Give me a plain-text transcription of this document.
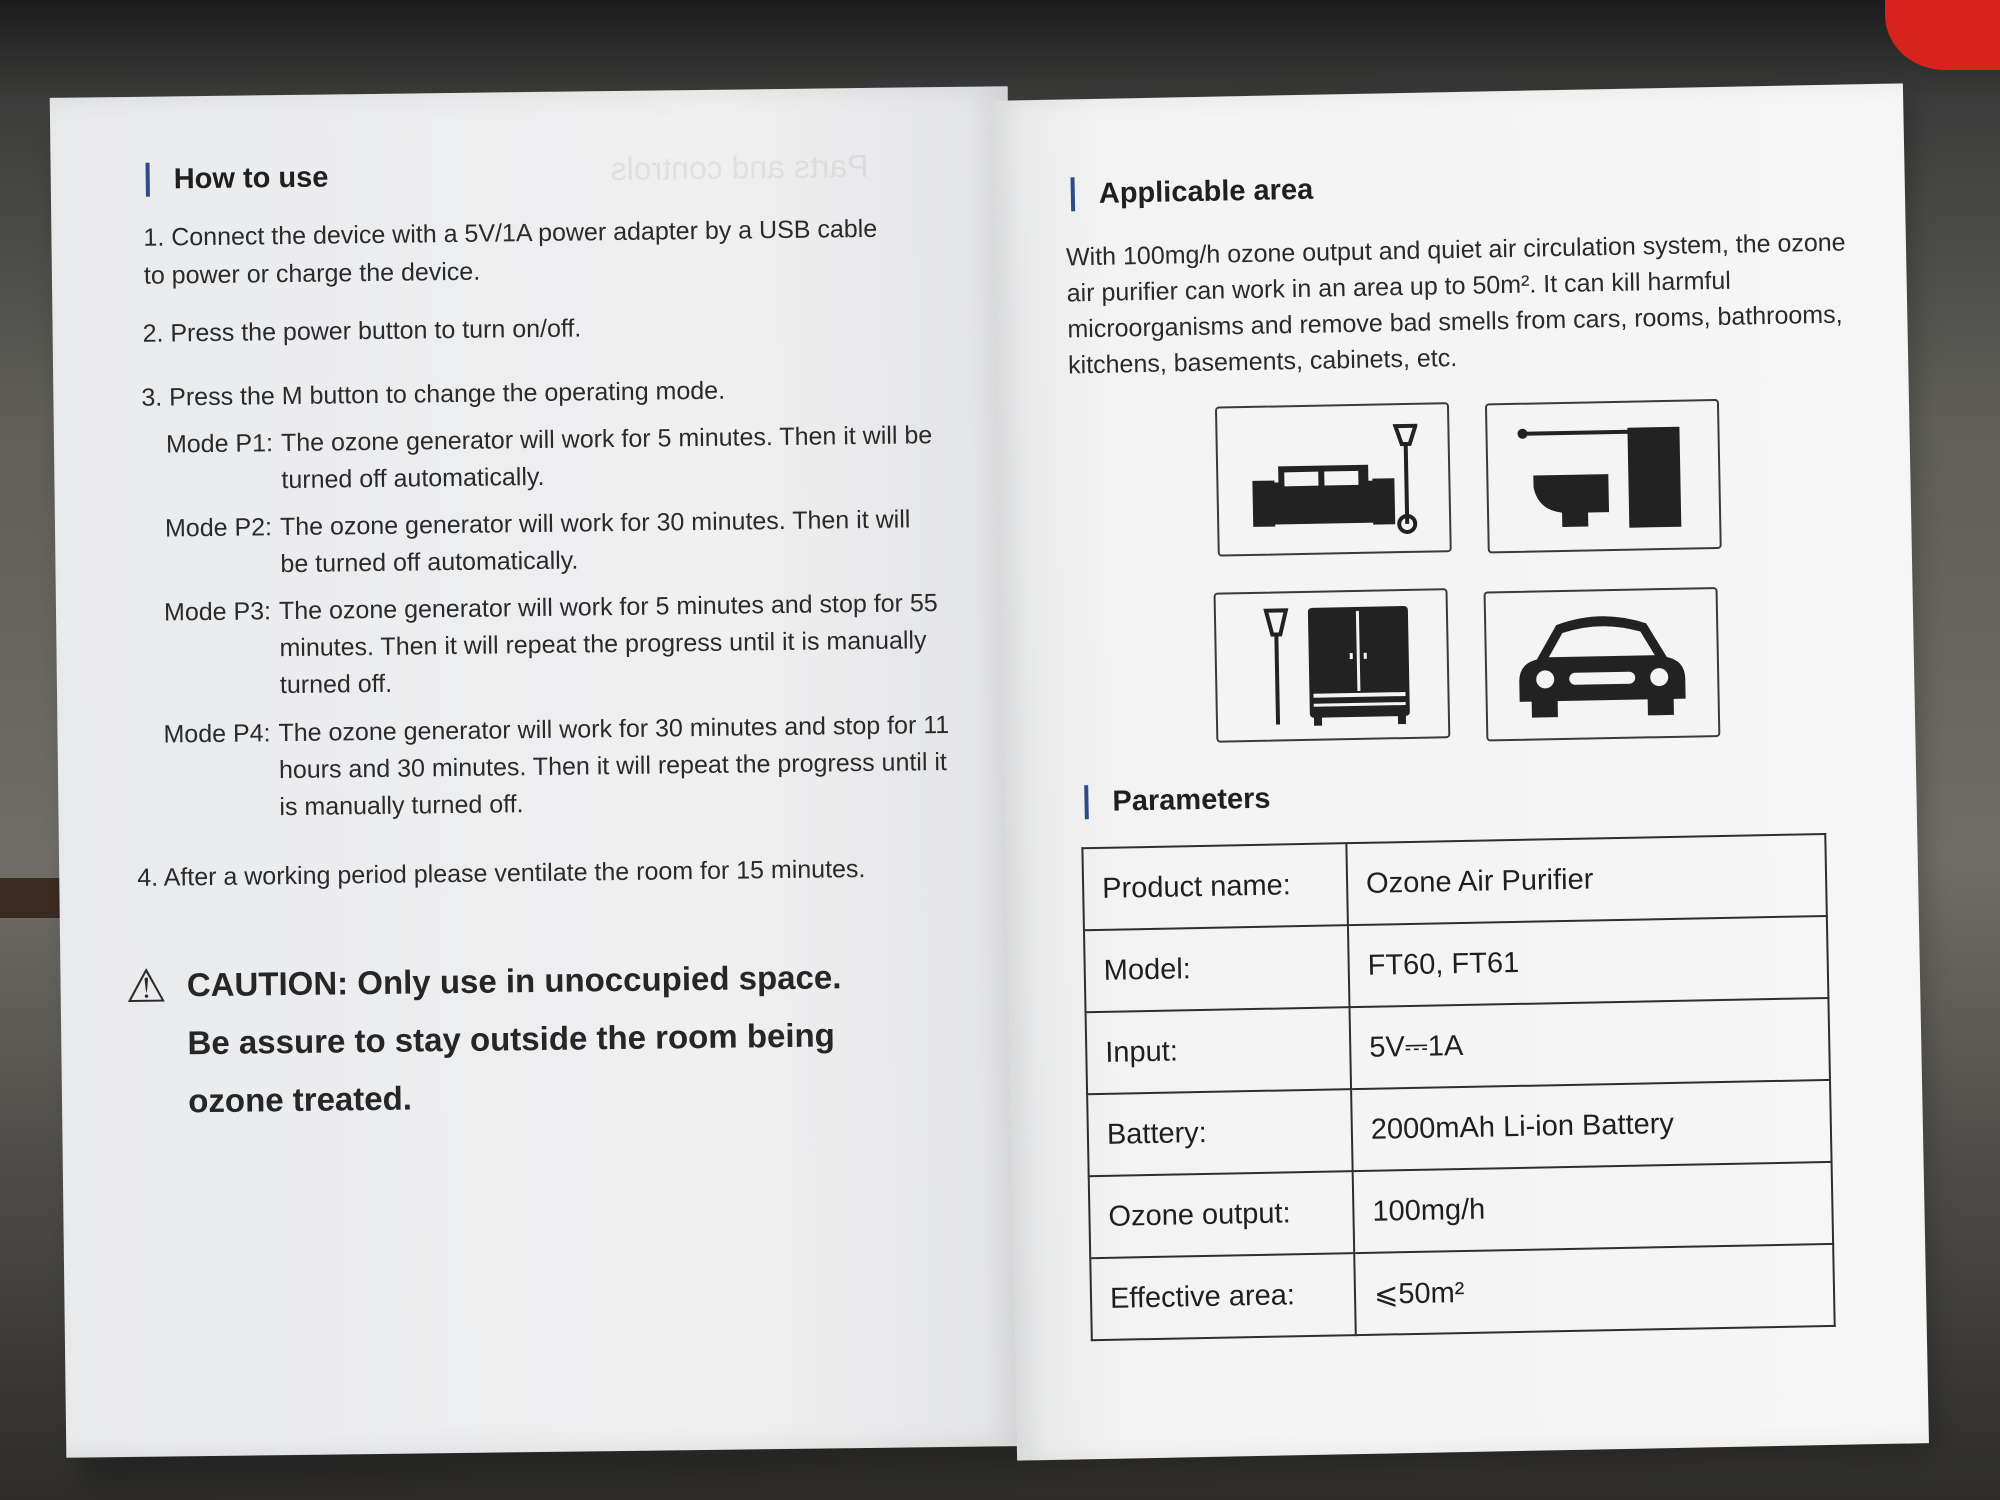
Parts and controls
How to use
1. Connect the device with a 5V/1A power adapter by a USB cable to power or charge the device.
2. Press the power button to turn on/off.
3. Press the M button to change the operating mode.
Mode P1: The ozone generator will work for 5 minutes. Then it will be turned off automatically.
Mode P2: The ozone generator will work for 30 minutes. Then it will be turned off automatically.
Mode P3: The ozone generator will work for 5 minutes and stop for 55 minutes. Then it will repeat the progress until it is manually turned off.
Mode P4: The ozone generator will work for 30 minutes and stop for 11 hours and 30 minutes. Then it will repeat the progress until it is manually turned off.
4. After a working period please ventilate the room for 15 minutes.
⚠ CAUTION: Only use in unoccupied space. Be assure to stay outside the room being ozone treated.
Applicable area
With 100mg/h ozone output and quiet air circulation system, the ozone air purifier can work in an area up to 50m². It can kill harmful microorganisms and remove bad smells from cars, rooms, bathrooms, kitchens, basements, cabinets, etc.
Parameters
Product name:	Ozone Air Purifier
Model:	FT60, FT61
Input:	5V⎓1A
Battery:	2000mAh Li-ion Battery
Ozone output:	100mg/h
Effective area:	⩽50m²
